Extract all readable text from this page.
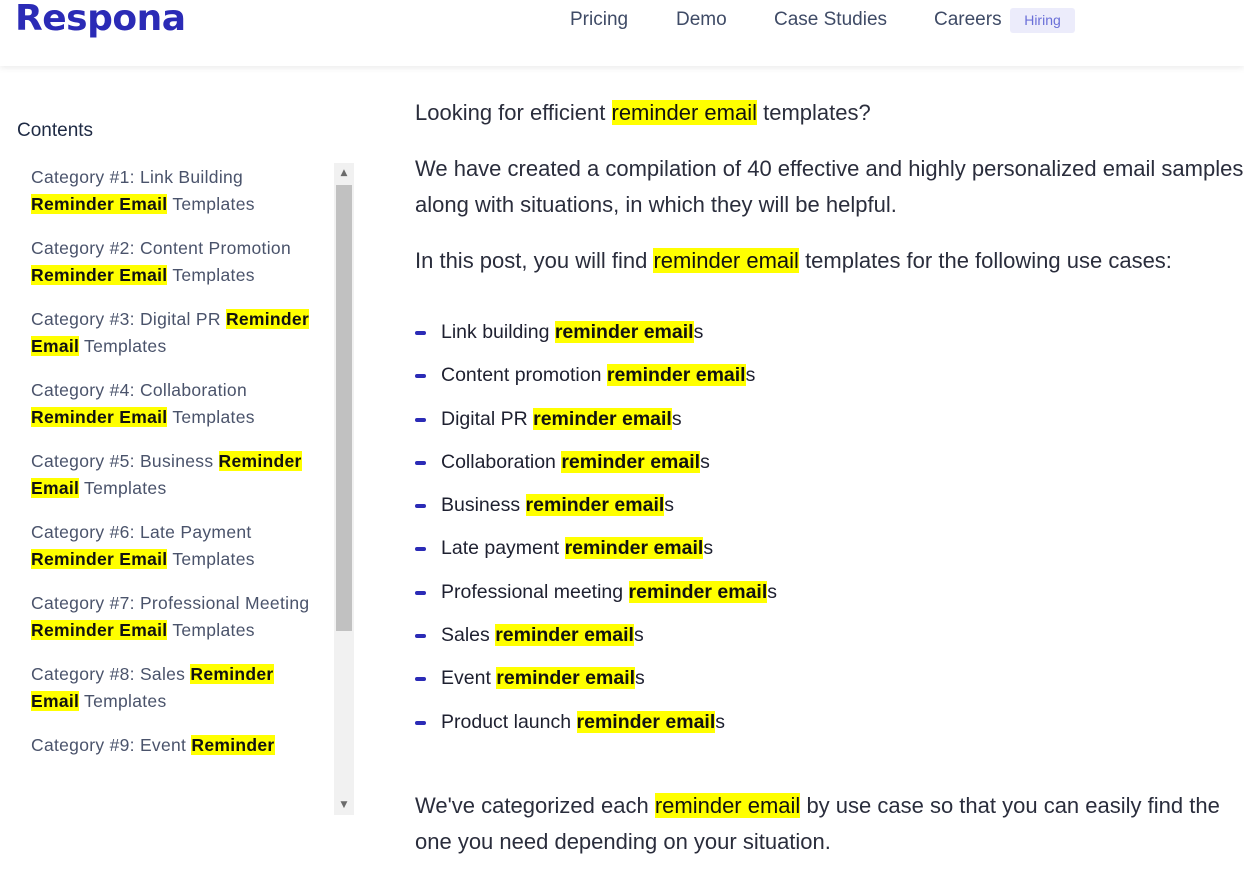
Respona	Pricing	Demo Case Studies Careers	Hiring
Contents
Category #1: Link Building Reminder Email Templates
Category #2: Content Promotion Reminder Email Templates
Category #3: Digital PR Reminder Email Templates
Category #4: Collaboration Reminder Email Templates
Category #5: Business Reminder Email Templates
Category #6: Late Payment Reminder Email Templates
Category #7: Professional Meeting Reminder Email Templates
Category #8: Sales Reminder Email Templates
Category #9: Event Reminder
▲
▼

Looking for efficient reminder email templates?

We have created a compilation of 40 effective and highly personalized email samples along with situations, in which they will be helpful.

In this post, you will find reminder email templates for the following use cases:

Link building reminder emails
Content promotion reminder emails
Digital PR reminder emails
Collaboration reminder emails
Business reminder emails
Late payment reminder emails
Professional meeting reminder emails
Sales reminder emails
Event reminder emails
Product launch reminder emails

We've categorized each reminder email by use case so that you can easily find the one you need depending on your situation.
